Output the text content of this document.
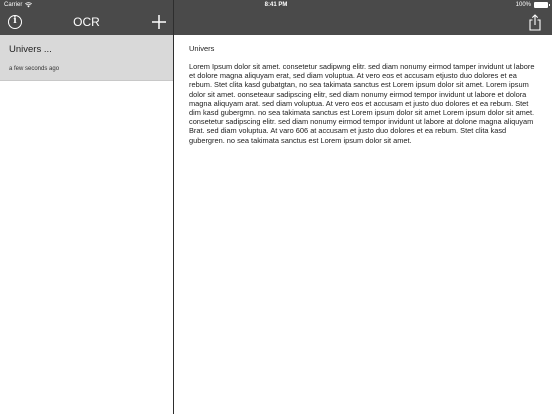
Carrier	8:41 PM	100%
OCR
i
Univers ...
a few seconds ago
Univers

Lorem Ipsum dolor sit amet. consetetur sadipwng elitr. sed diam nonumy eirmod tamper invidunt ut labore et dolore magna aliquyam erat, sed diam voluptua. At vero eos et accusam etjusto duo dolores et ea rebum. Stet clita kasd gubatgtan, no sea takimata sanctus est Lorem ipsum dolor sit amet. Lorem ipsum dolor sit amet. oonseteaur sadipscing elitr, sed diam nonumy eirmod tempor invidunt ut labore et dolora magna aliquyam arat. sed diam voluptua. At vero eos et accusam et justo duo dolores et ea rebum. Stet dim kasd gubergmn. no sea takimata sanctus est Lorem ipsum dolor sit amet Lorem ipsum dolor sit amet. consetetur sadipscing elitr. sed diam nonumy eirmod tempor invidunt ut labore at dolone magna aliquyam Brat. sed diam voluptua. At varo 606 at accusam et justo duo dolores et ea rebum. Stet clita kasd gubergren. no sea takimata sanctus est Lorem ipsum dolor sit amet.
